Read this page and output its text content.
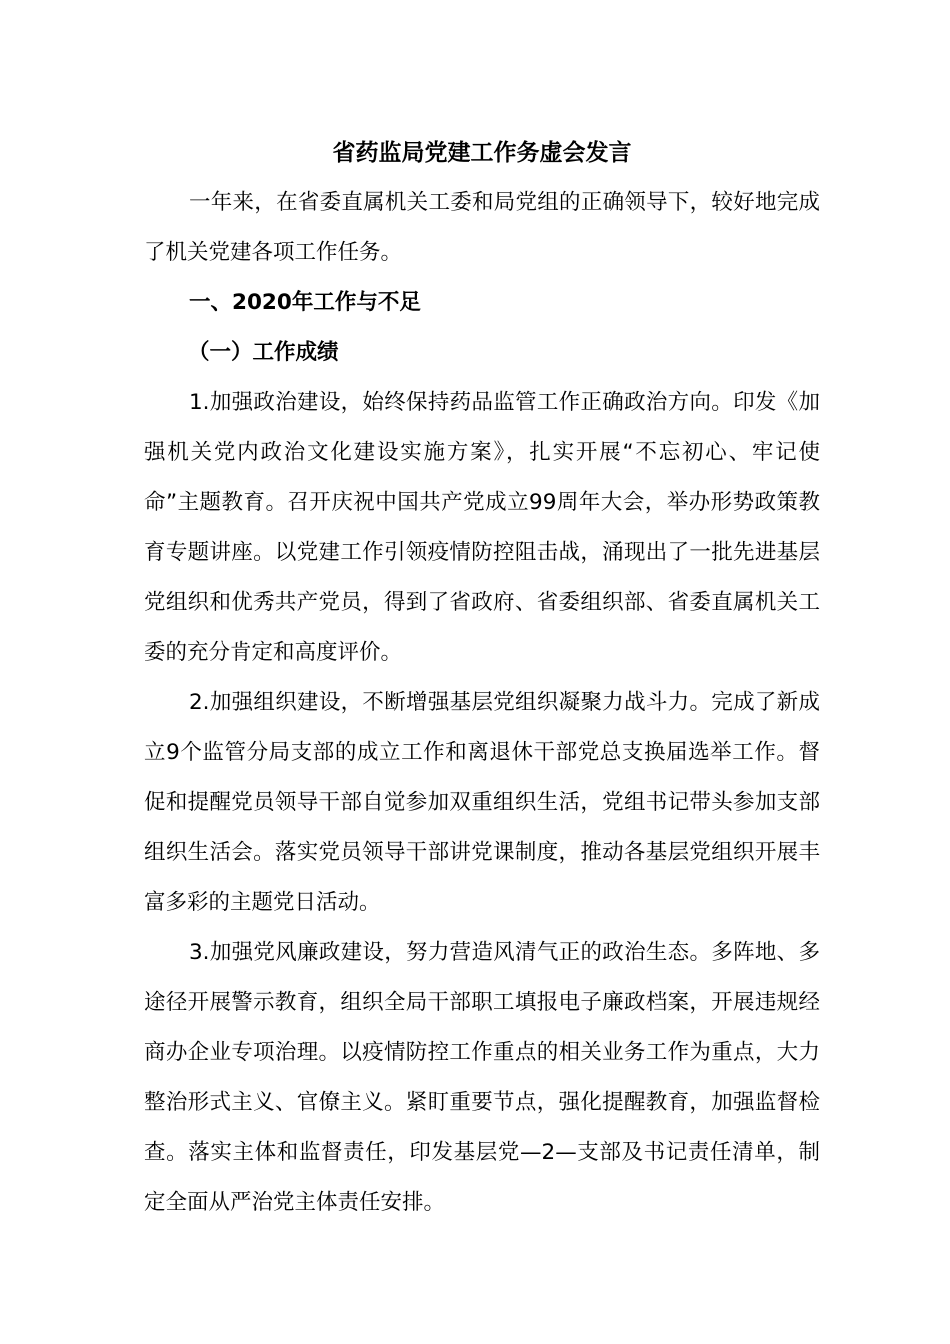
省药监局党建工作务虚会发言

一年来，在省委直属机关工委和局党组的正确领导下，较好地完成了机关党建各项工作任务。

一、2020年工作与不足

（一）工作成绩

1.加强政治建设，始终保持药品监管工作正确政治方向。印发《加强机关党内政治文化建设实施方案》，扎实开展“不忘初心、牢记使命”主题教育。召开庆祝中国共产党成立99周年大会，举办形势政策教育专题讲座。以党建工作引领疫情防控阻击战，涌现出了一批先进基层党组织和优秀共产党员，得到了省政府、省委组织部、省委直属机关工委的充分肯定和高度评价。

2.加强组织建设，不断增强基层党组织凝聚力战斗力。完成了新成立9个监管分局支部的成立工作和离退休干部党总支换届选举工作。督促和提醒党员领导干部自觉参加双重组织生活，党组书记带头参加支部组织生活会。落实党员领导干部讲党课制度，推动各基层党组织开展丰富多彩的主题党日活动。

3.加强党风廉政建设，努力营造风清气正的政治生态。多阵地、多途径开展警示教育，组织全局干部职工填报电子廉政档案，开展违规经商办企业专项治理。以疫情防控工作重点的相关业务工作为重点，大力整治形式主义、官僚主义。紧盯重要节点，强化提醒教育，加强监督检查。落实主体和监督责任，印发基层党—2—支部及书记责任清单，制定全面从严治党主体责任安排。
